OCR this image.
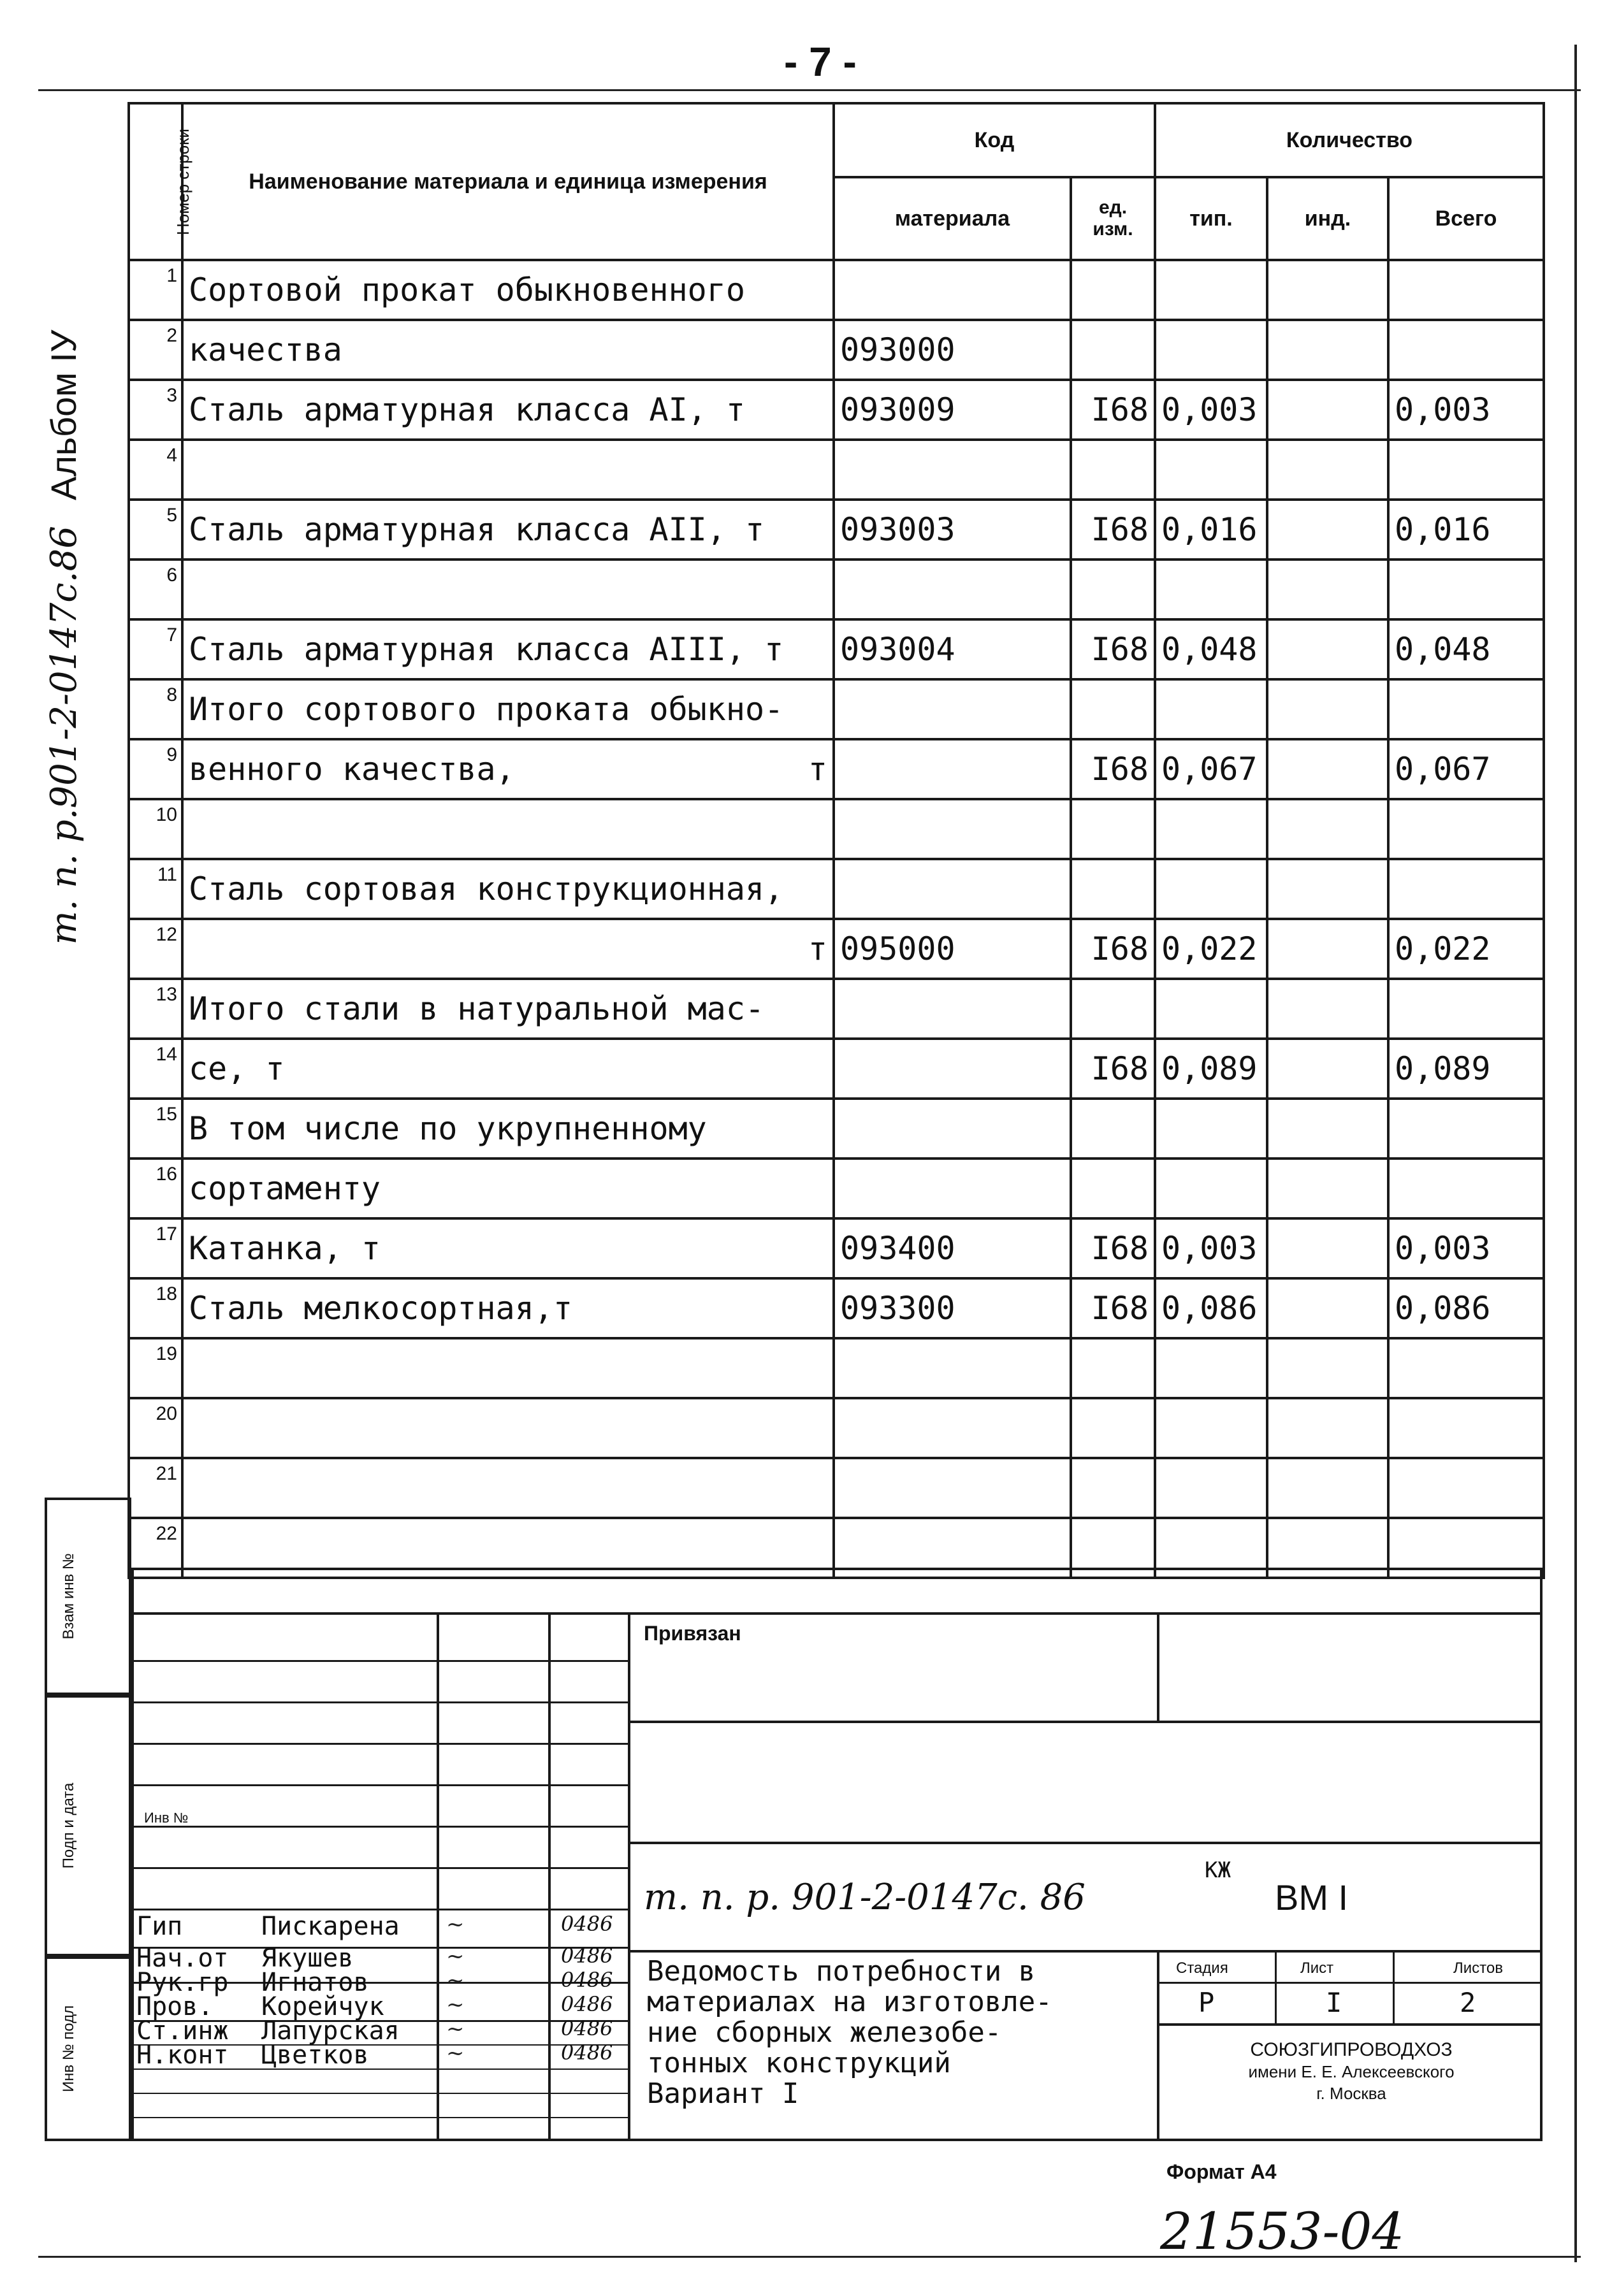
- 7 -
т. п. р.901-2-0147с.86Альбом IУ
Номер строки	Наименование материала и единица измерения	Код		Количество		
		материала	ед. изм.	тип.	инд.	Всего
1	Сортовой прокат обыкновенного					
2	качества	093000				
3	Сталь арматурная класса АI, т	093009	I68	0,003		0,003
4						
5	Сталь арматурная класса АII, т	093003	I68	0,016		0,016
6						
7	Сталь арматурная класса АIII, т	093004	I68	0,048		0,048
8	Итого сортового проката обыкно-					
9	венного качества, т		I68	0,067		0,067
10						
11	Сталь сортовая конструкционная,					
12	т	095000	I68	0,022		0,022
13	Итого стали в натуральной мас-					
14	се, т		I68	0,089		0,089
15	В том числе по укрупненному					
16	сортаменту					
17	Катанка, т	093400	I68	0,003		0,003
18	Сталь мелкосортная,т	093300	I68	0,086		0,086
19						
20						
21						
22						
Взам инв №
Подп и дата
Инв № подл
Привязан
Инв №
т. п. р. 901-2-0147с. 86
КЖ
ВМ I
Ведомость потребности в
материалах на изготовле-
ние сборных железобе-
тонных конструкций
Вариант I
Стадия	Лист	Листов
Р	I	2
СОЮЗГИПРОВОДХОЗ
имени Е. Е. Алексеевского
г. Москва
Гип	Пискарена ~	0486
Нач.от Якушев	~	0486
Рук.гр Игнатов	~	0486
Пров. Корейчук	~	0486
Ст.инж Лапурская ~	0486
Н.конт Цветков	~	0486
Формат А4
21553-04
